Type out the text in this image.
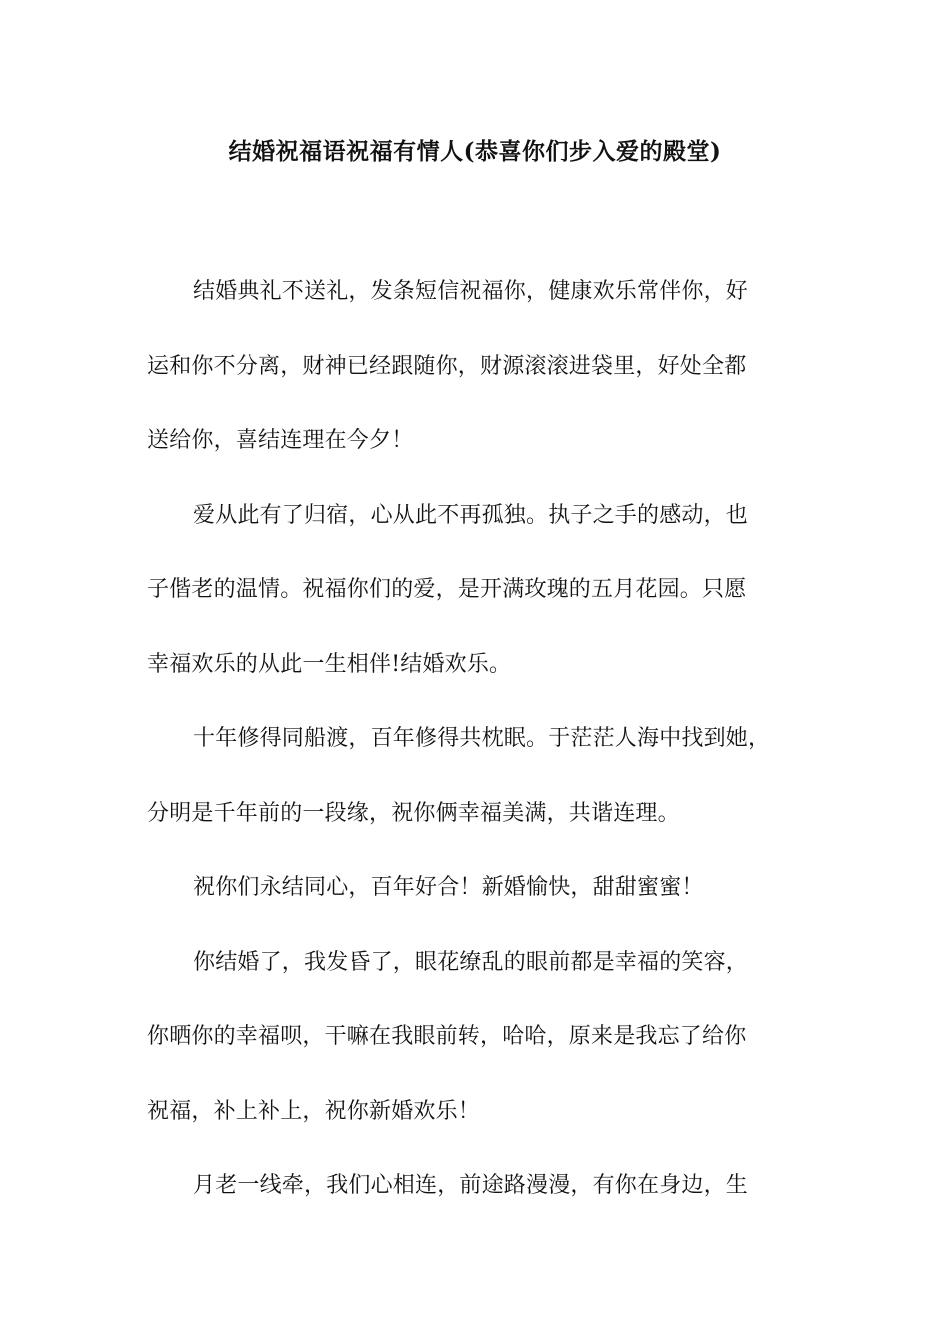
结婚祝福语祝福有情人(恭喜你们步入爱的殿堂)

结婚典礼不送礼，发条短信祝福你，健康欢乐常伴你，好
运和你不分离，财神已经跟随你，财源滚滚进袋里，好处全都
送给你，喜结连理在今夕！

爱从此有了归宿，心从此不再孤独。执子之手的感动，也
子偕老的温情。祝福你们的爱，是开满玫瑰的五月花园。只愿
幸福欢乐的从此一生相伴!结婚欢乐。

十年修得同船渡，百年修得共枕眠。于茫茫人海中找到她，
分明是千年前的一段缘，祝你俩幸福美满，共谐连理。

祝你们永结同心，百年好合！新婚愉快，甜甜蜜蜜！

你结婚了，我发昏了，眼花缭乱的眼前都是幸福的笑容，
你晒你的幸福呗，干嘛在我眼前转，哈哈，原来是我忘了给你
祝福，补上补上，祝你新婚欢乐！

月老一线牵，我们心相连，前途路漫漫，有你在身边，生
